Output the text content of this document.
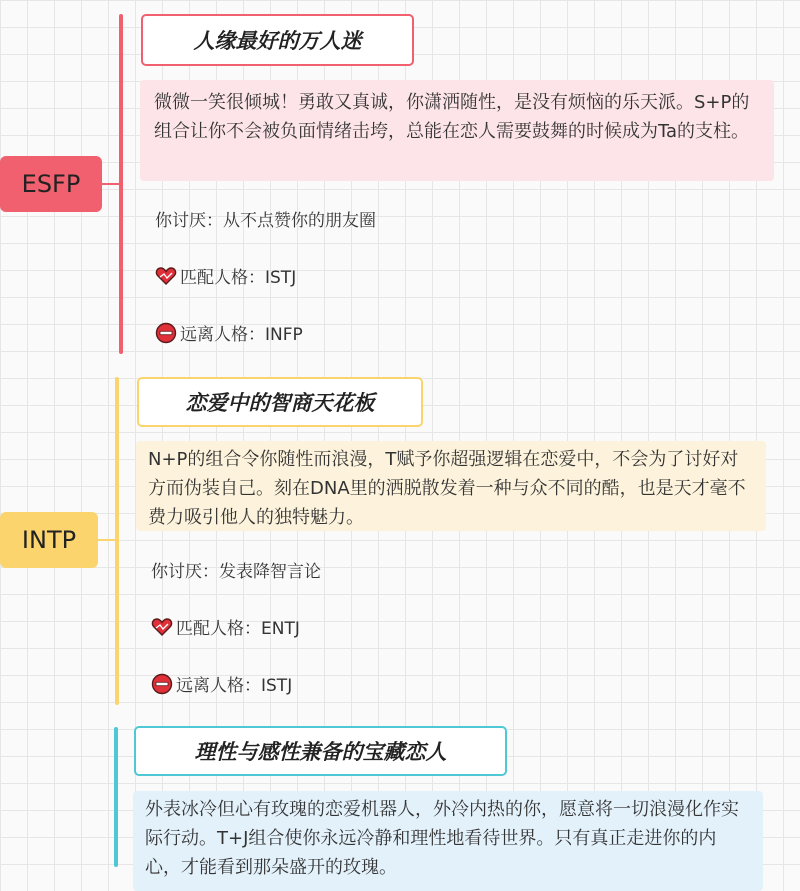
ESFP
人缘最好的万人迷
微微一笑很倾城！勇敢又真诚，你潇洒随性，是没有烦恼的乐天派。S+P的组合让你不会被负面情绪击垮，总能在恋人需要鼓舞的时候成为Ta的支柱。
你讨厌：从不点赞你的朋友圈
匹配人格：ISTJ
远离人格：INFP
INTP
恋爱中的智商天花板
N+P的组合令你随性而浪漫，T赋予你超强逻辑在恋爱中，不会为了讨好对方而伪装自己。刻在DNA里的洒脱散发着一种与众不同的酷，也是天才毫不费力吸引他人的独特魅力。
你讨厌：发表降智言论
匹配人格：ENTJ
远离人格：ISTJ
理性与感性兼备的宝藏恋人
外表冰冷但心有玫瑰的恋爱机器人，外冷内热的你，愿意将一切浪漫化作实际行动。T+J组合使你永远冷静和理性地看待世界。只有真正走进你的内心，才能看到那朵盛开的玫瑰。
